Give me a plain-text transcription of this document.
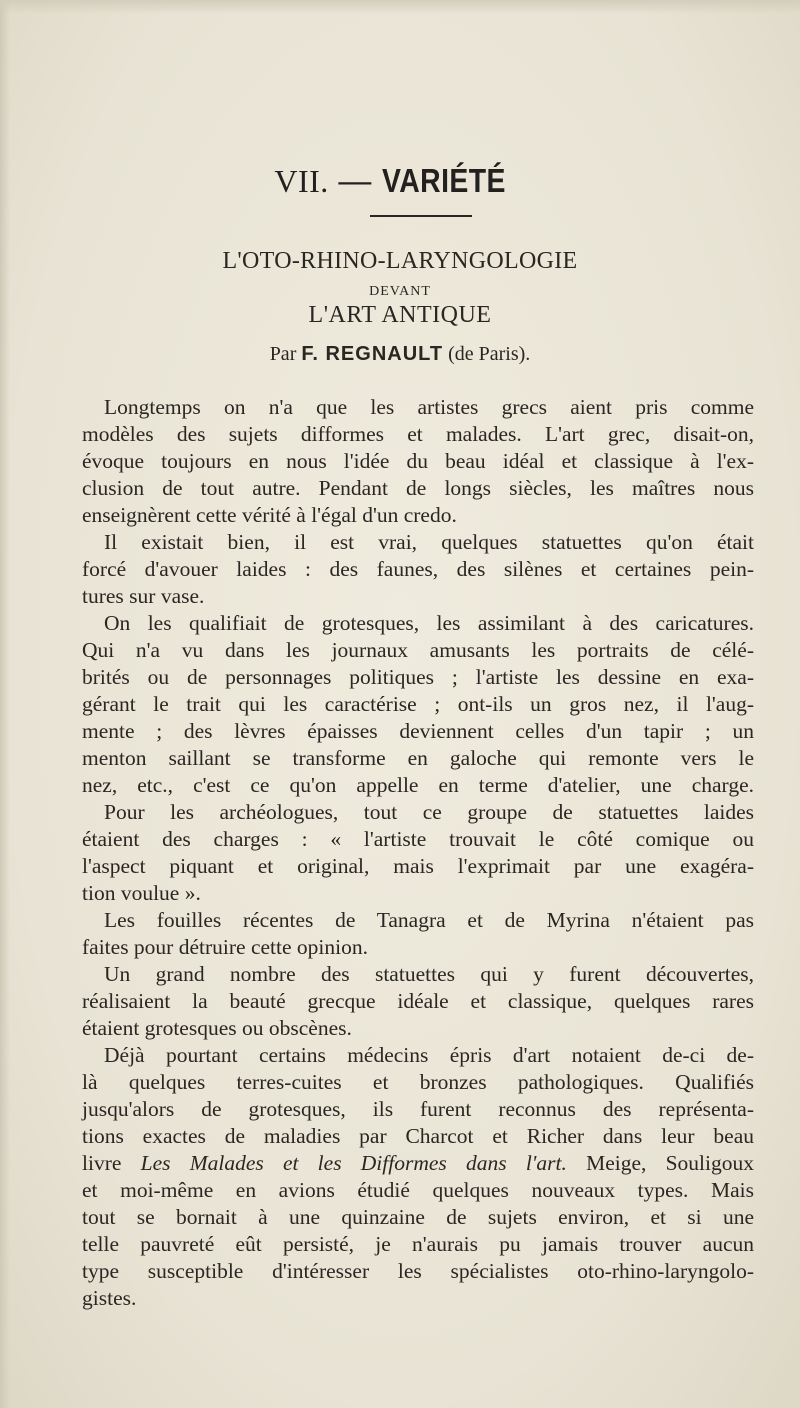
VII. — VARIÉTÉ
L'OTO-RHINO-LARYNGOLOGIE
DEVANT
L'ART ANTIQUE
Par F. REGNAULT (de Paris).
Longtemps on n'a que les artistes grecs aient pris comme
modèles des sujets difformes et malades. L'art grec, disait-on,
évoque toujours en nous l'idée du beau idéal et classique à l'ex-
clusion de tout autre. Pendant de longs siècles, les maîtres nous
enseignèrent cette vérité à l'égal d'un credo.
Il existait bien, il est vrai, quelques statuettes qu'on était
forcé d'avouer laides : des faunes, des silènes et certaines pein-
tures sur vase.
On les qualifiait de grotesques, les assimilant à des caricatures.
Qui n'a vu dans les journaux amusants les portraits de célé-
brités ou de personnages politiques ; l'artiste les dessine en exa-
gérant le trait qui les caractérise ; ont-ils un gros nez, il l'aug-
mente ; des lèvres épaisses deviennent celles d'un tapir ; un
menton saillant se transforme en galoche qui remonte vers le
nez, etc., c'est ce qu'on appelle en terme d'atelier, une charge.
Pour les archéologues, tout ce groupe de statuettes laides
étaient des charges : « l'artiste trouvait le côté comique ou
l'aspect piquant et original, mais l'exprimait par une exagéra-
tion voulue ».
Les fouilles récentes de Tanagra et de Myrina n'étaient pas
faites pour détruire cette opinion.
Un grand nombre des statuettes qui y furent découvertes,
réalisaient la beauté grecque idéale et classique, quelques rares
étaient grotesques ou obscènes.
Déjà pourtant certains médecins épris d'art notaient de-ci de-
là quelques terres-cuites et bronzes pathologiques. Qualifiés
jusqu'alors de grotesques, ils furent reconnus des représenta-
tions exactes de maladies par Charcot et Richer dans leur beau
livre Les Malades et les Difformes dans l'art. Meige, Souligoux
et moi-même en avions étudié quelques nouveaux types. Mais
tout se bornait à une quinzaine de sujets environ, et si une
telle pauvreté eût persisté, je n'aurais pu jamais trouver aucun
type susceptible d'intéresser les spécialistes oto-rhino-laryngolo-
gistes.
